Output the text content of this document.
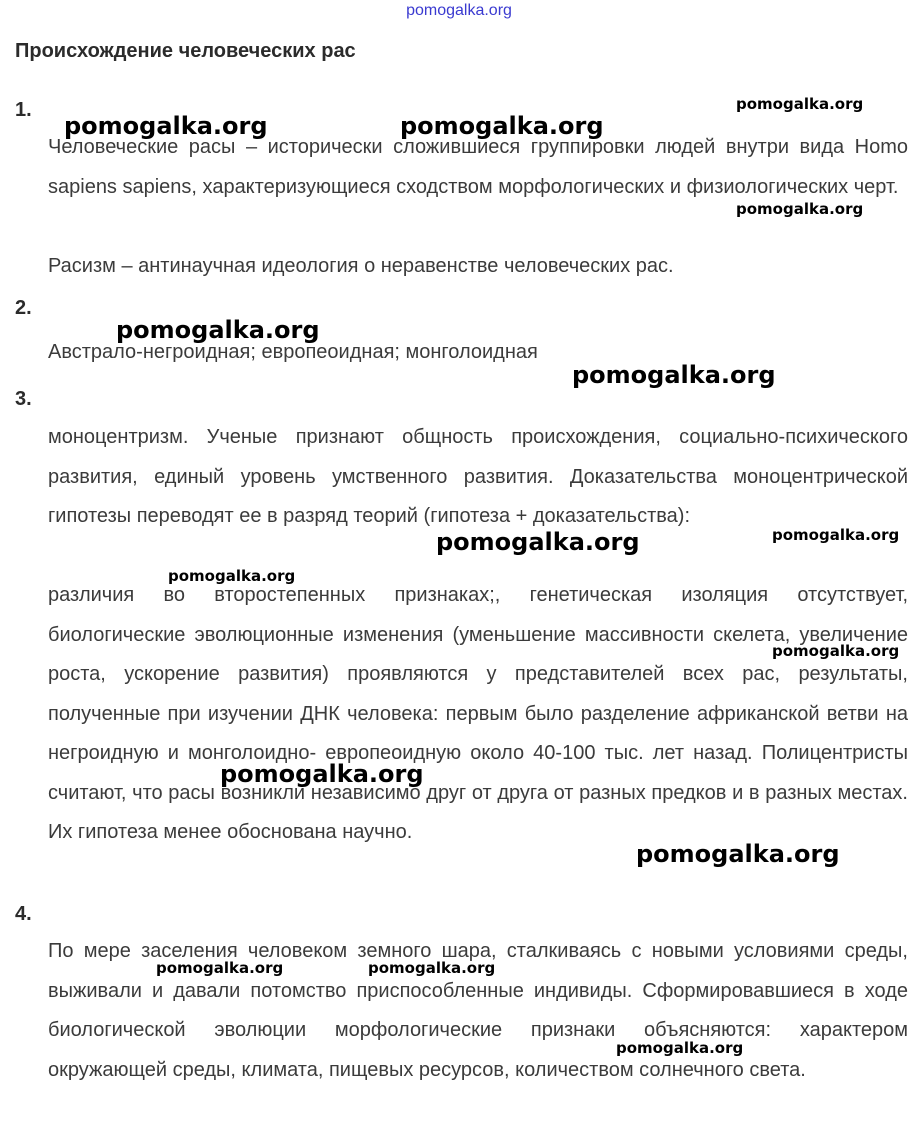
pomogalka.org
Происхождение человеческих рас
1.

Человеческие расы – исторически сложившиеся группировки людей внутри вида Homo sapiens sapiens, характеризующиеся сходством морфологических и физиологических черт.

Расизм – антинаучная идеология о неравенстве человеческих рас.

2.

Австрало-негроидная; европеоидная; монголоидная

3.

моноцентризм. Ученые признают общность происхождения, социально-психического развития, единый уровень умственного развития. Доказательства моноцентрической гипотезы переводят ее в разряд теорий (гипотеза + доказательства):

различия во второстепенных признаках;, генетическая изоляция отсутствует, биологические эволюционные изменения (уменьшение массивности скелета, увеличение роста, ускорение развития) проявляются у представителей всех рас, результаты, полученные при изучении ДНК человека: первым было разделение африканской ветви на негроидную и монголоидно- европеоидную около 40-100 тыс. лет назад. Полицентристы считают, что расы возникли независимо друг от друга от разных предков и в разных местах. Их гипотеза менее обоснована научно.

4.

По мере заселения человеком земного шара, сталкиваясь с новыми условиями среды, выживали и давали потомство приспособленные индивиды. Сформировавшиеся в ходе биологической эволюции морфологические признаки объясняются: характером окружающей среды, климата, пищевых ресурсов, количеством солнечного света.

pomogalka.org
pomogalka.org	pomogalka.org
pomogalka.org
pomogalka.org
pomogalka.org
pomogalka.org	pomogalka.org
pomogalka.org
pomogalka.org
pomogalka.org
pomogalka.org
pomogalka.org	pomogalka.org
pomogalka.org
